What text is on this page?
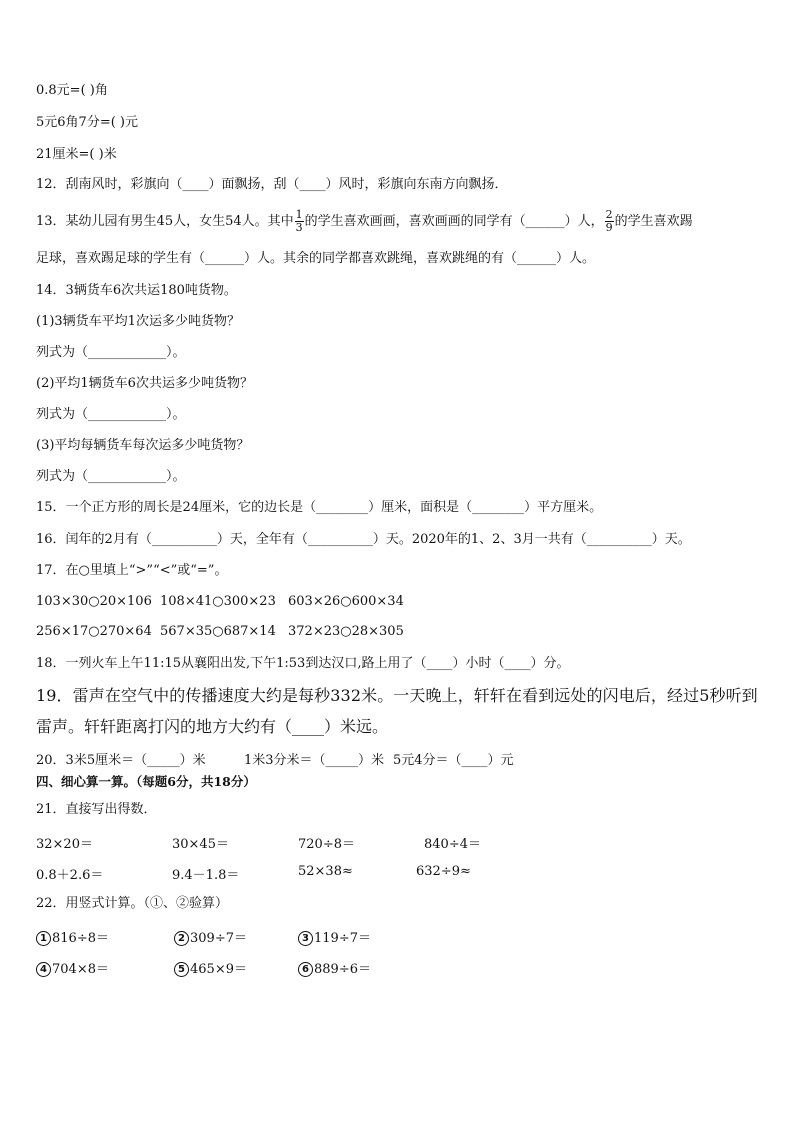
0.8元=( )角
5元6角7分=( )元
21厘米=( )米
12．刮南风时，彩旗向（____）面飘扬，刮（____）风时，彩旗向东南方向飘扬．
13．某幼儿园有男生45人，女生54人。其中 $\frac{1}{3}$ 的学生喜欢画画，喜欢画画的同学有（______）人， $\frac{2}{9}$ 的学生喜欢踢
足球，喜欢踢足球的学生有（______）人。其余的同学都喜欢跳绳，喜欢跳绳的有（______）人。
14．3辆货车6次共运180吨货物。
(1)3辆货车平均1次运多少吨货物？
列式为（____________）。
(2)平均1辆货车6次共运多少吨货物？
列式为（____________）。
(3)平均每辆货车每次运多少吨货物？
列式为（____________）。
15．一个正方形的周长是24厘米，它的边长是（________）厘米，面积是（________）平方厘米。
16．闰年的2月有（__________）天，全年有（__________）天。2020年的1、2、3月一共有（__________）天。
17．在○里填上“>”“<”或“=”。
103×30○20×106 108×41○300×23 603×26○600×34
256×17○270×64 567×35○687×14 372×23○28×305
18．一列火车上午11:15从襄阳出发,下午1:53到达汉口,路上用了（____）小时（____）分。
19．雷声在空气中的传播速度大约是每秒332米。一天晚上，轩轩在看到远处的闪电后，经过5秒听到
雷声。轩轩距离打闪的地方大约有（____）米远。
20．3米5厘米＝（_____）米	1米3分米＝（_____）米 5元4分＝（____）元
四、细心算一算。（每题6分，共18分）
21．直接写出得数．
32×20＝	30×45＝	720÷8＝	840÷4＝
0.8＋2.6＝	9.4－1.8＝	52×38≈	632÷9≈
22．用竖式计算。（①、②验算）
1 816÷8＝	2 309÷7＝	3 119÷7＝
4 704×8＝	5 465×9＝	6 889÷6＝
